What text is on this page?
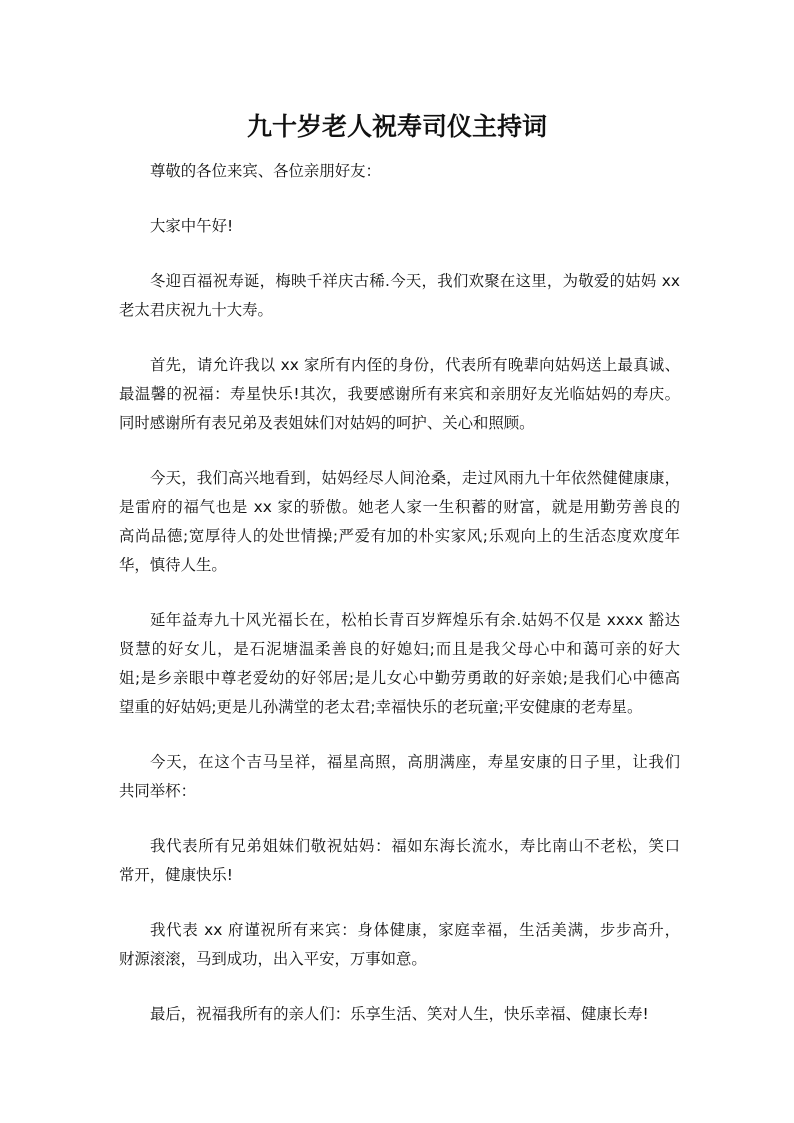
九十岁老人祝寿司仪主持词

尊敬的各位来宾、各位亲朋好友：

大家中午好!

冬迎百福祝寿诞，梅映千祥庆古稀.今天，我们欢聚在这里，为敬爱的姑妈 xx
老太君庆祝九十大寿。

首先，请允许我以 xx 家所有内侄的身份，代表所有晚辈向姑妈送上最真诚、
最温馨的祝福：寿星快乐!其次，我要感谢所有来宾和亲朋好友光临姑妈的寿庆。
同时感谢所有表兄弟及表姐妹们对姑妈的呵护、关心和照顾。

今天，我们高兴地看到，姑妈经尽人间沧桑，走过风雨九十年依然健健康康，
是雷府的福气也是 xx 家的骄傲。她老人家一生积蓄的财富，就是用勤劳善良的
高尚品德;宽厚待人的处世情操;严爱有加的朴实家风;乐观向上的生活态度欢度年
华，慎待人生。

延年益寿九十风光福长在，松柏长青百岁辉煌乐有余.姑妈不仅是 xxxx 豁达
贤慧的好女儿，是石泥塘温柔善良的好媳妇;而且是我父母心中和蔼可亲的好大
姐;是乡亲眼中尊老爱幼的好邻居;是儿女心中勤劳勇敢的好亲娘;是我们心中德高
望重的好姑妈;更是儿孙满堂的老太君;幸福快乐的老玩童;平安健康的老寿星。

今天，在这个吉马呈祥，福星高照，高朋满座，寿星安康的日子里，让我们
共同举杯：

我代表所有兄弟姐妹们敬祝姑妈：福如东海长流水，寿比南山不老松，笑口
常开，健康快乐!

我代表 xx 府谨祝所有来宾：身体健康，家庭幸福，生活美满，步步高升，
财源滚滚，马到成功，出入平安，万事如意。

最后，祝福我所有的亲人们：乐享生活、笑对人生，快乐幸福、健康长寿!
